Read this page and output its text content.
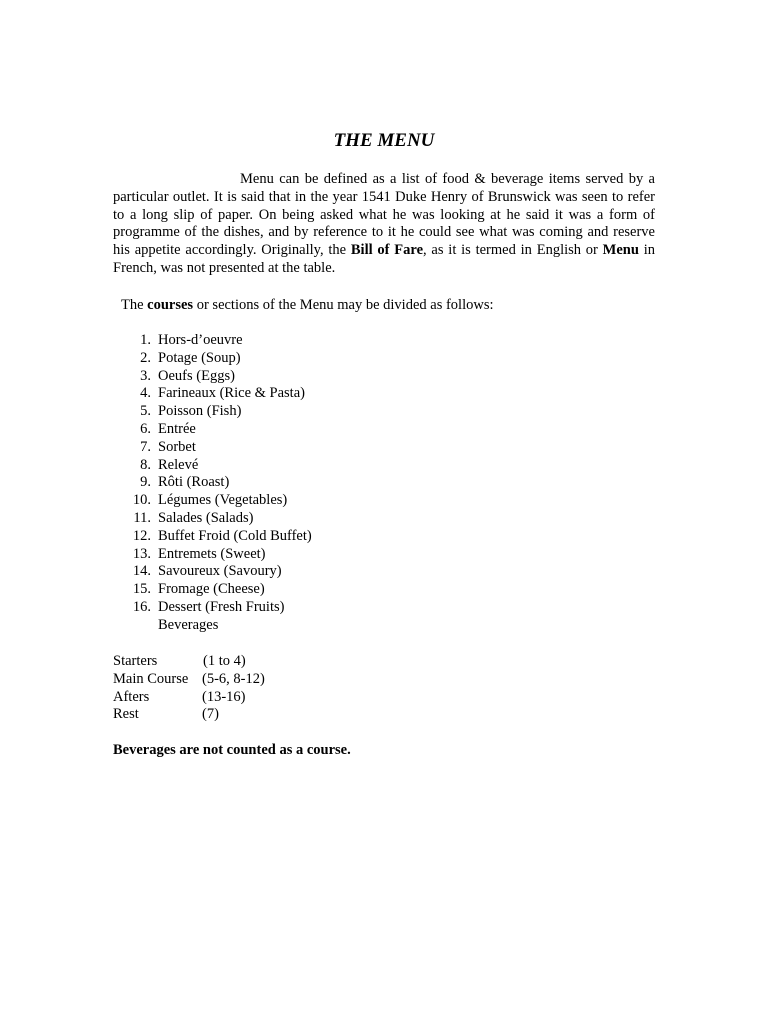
THE MENU

Menu can be defined as a list of food & beverage items served by a particular outlet. It is said that in the year 1541 Duke Henry of Brunswick was seen to refer to a long slip of paper. On being asked what he was looking at he said it was a form of programme of the dishes, and by reference to it he could see what was coming and reserve his appetite accordingly. Originally, the Bill of Fare, as it is termed in English or Menu in French, was not presented at the table.

The courses or sections of the Menu may be divided as follows:

1. Hors-d’oeuvre
2. Potage (Soup)
3. Oeufs (Eggs)
4. Farineaux (Rice & Pasta)
5. Poisson (Fish)
6. Entrée
7. Sorbet
8. Relevé
9. Rôti (Roast)
10. Légumes (Vegetables)
11. Salades (Salads)
12. Buffet Froid (Cold Buffet)
13. Entremets (Sweet)
14. Savoureux (Savoury)
15. Fromage (Cheese)
16. Dessert (Fresh Fruits)
Beverages
Starters	(1 to 4)
Main Course (5-6, 8-12)
Afters	(13-16)
Rest	(7)

Beverages are not counted as a course.
